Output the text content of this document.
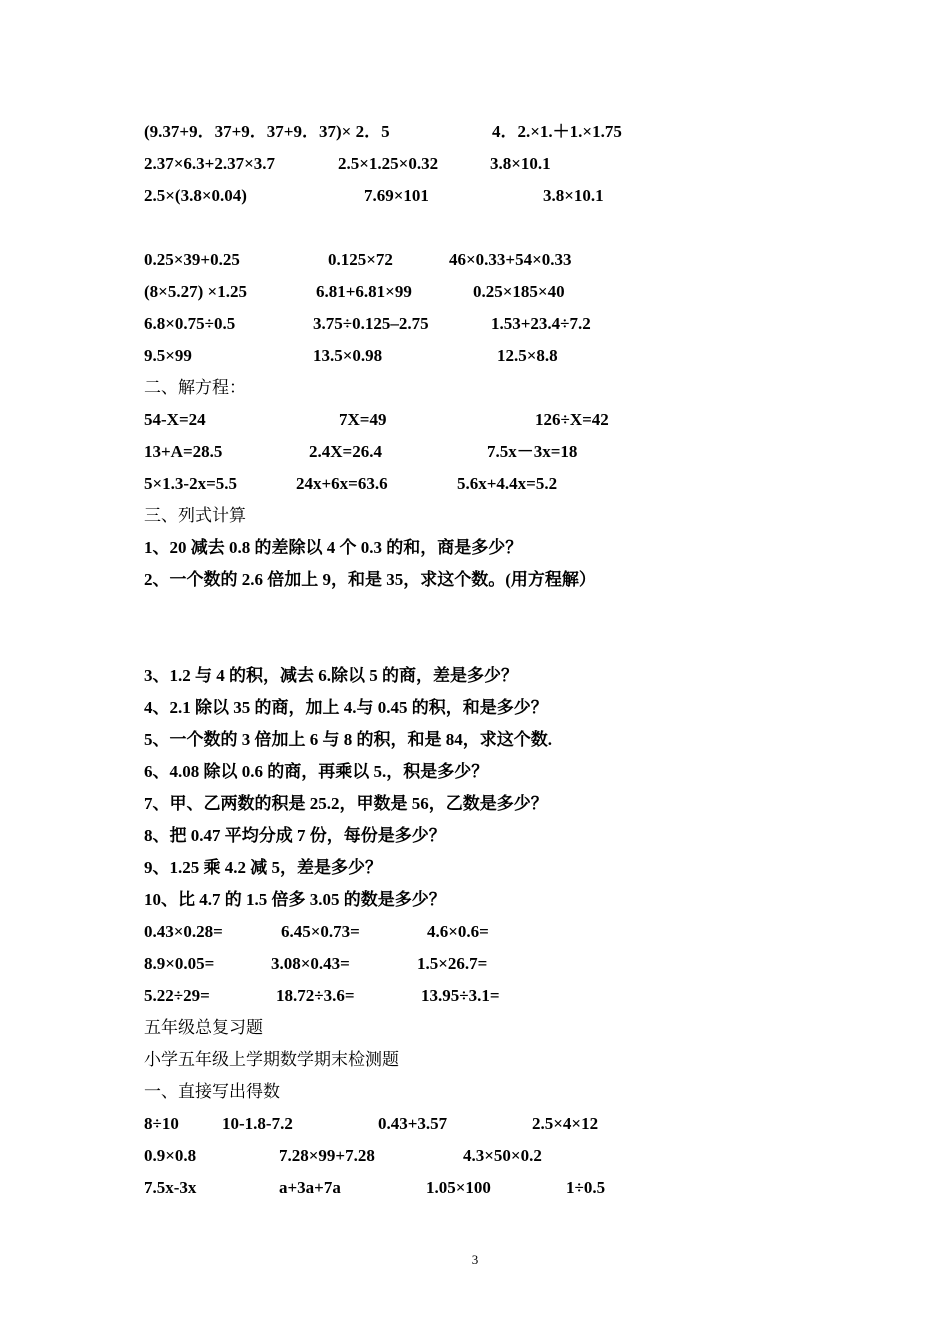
(9.37+9．37+9．37+9．37)× 2．5	4．2.×1.＋1.×1.75
2.37×6.3+2.37×3.7	2.5×1.25×0.32	3.8×10.1
2.5×(3.8×0.04)	7.69×101	3.8×10.1
0.25×39+0.25	0.125×72	46×0.33+54×0.33
(8×5.27) ×1.25	6.81+6.81×99	0.25×185×40
6.8×0.75÷0.5	3.75÷0.125–2.75	1.53+23.4÷7.2
9.5×99	13.5×0.98	12.5×8.8
二、解方程：
54-X=24	7X=49	126÷X=42
13+A=28.5	2.4X=26.4	7.5x－3x=18
5×1.3-2x=5.5	24x+6x=63.6	5.6x+4.4x=5.2
三、列式计算
1、20 减去 0.8 的差除以 4 个 0.3 的和，商是多少？
2、一个数的 2.6 倍加上 9，和是 35，求这个数。(用方程解）
3、1.2 与 4 的积，减去 6.除以 5 的商，差是多少？
4、2.1 除以 35 的商，加上 4.与 0.45 的积，和是多少？
5、一个数的 3 倍加上 6 与 8 的积，和是 84，求这个数.
6、4.08 除以 0.6 的商，再乘以 5.，积是多少？
7、甲、乙两数的积是 25.2，甲数是 56，乙数是多少？
8、把 0.47 平均分成 7 份，每份是多少？
9、1.25 乘 4.2 减 5，差是多少？
10、比 4.7 的 1.5 倍多 3.05 的数是多少？
0.43×0.28=	6.45×0.73=	4.6×0.6=
8.9×0.05=	3.08×0.43=	1.5×26.7=
5.22÷29=	18.72÷3.6=	13.95÷3.1=
五年级总复习题
小学五年级上学期数学期末检测题
一、直接写出得数
8÷10	10-1.8-7.2	0.43+3.57	2.5×4×12
0.9×0.8	7.28×99+7.28	4.3×50×0.2
7.5x-3x	a+3a+7a	1.05×100	1÷0.5
3
